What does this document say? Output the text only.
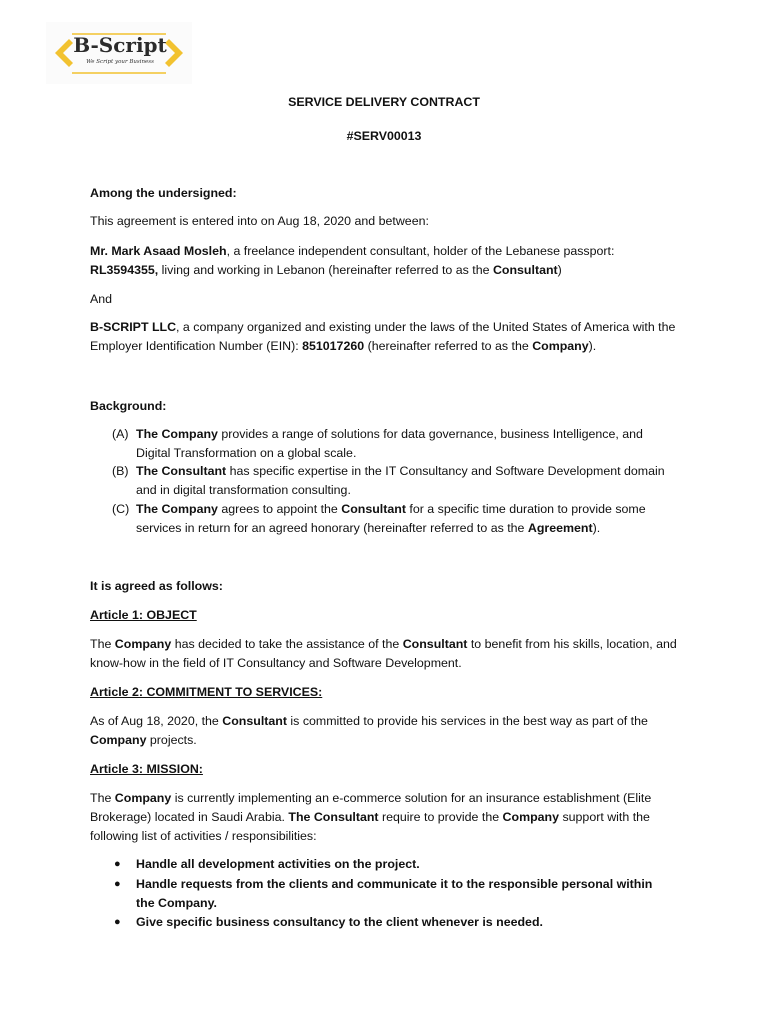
B-Script
We Script your Business
SERVICE DELIVERY CONTRACT
#SERV00013
Among the undersigned:
This agreement is entered into on Aug 18, 2020 and between:
Mr. Mark Asaad Mosleh, a freelance independent consultant, holder of the Lebanese passport: RL3594355, living and working in Lebanon (hereinafter referred to as the Consultant)
And
B-SCRIPT LLC, a company organized and existing under the laws of the United States of America with the Employer Identification Number (EIN): 851017260 (hereinafter referred to as the Company).
Background:
(A) The Company provides a range of solutions for data governance, business Intelligence, and Digital Transformation on a global scale.
(B) The Consultant has specific expertise in the IT Consultancy and Software Development domain and in digital transformation consulting.
(C) The Company agrees to appoint the Consultant for a specific time duration to provide some services in return for an agreed honorary (hereinafter referred to as the Agreement).
It is agreed as follows:
Article 1: OBJECT
The Company has decided to take the assistance of the Consultant to benefit from his skills, location, and know-how in the field of IT Consultancy and Software Development.
Article 2: COMMITMENT TO SERVICES:
As of Aug 18, 2020, the Consultant is committed to provide his services in the best way as part of the Company projects.
Article 3: MISSION:
The Company is currently implementing an e-commerce solution for an insurance establishment (Elite Brokerage) located in Saudi Arabia. The Consultant require to provide the Company support with the following list of activities / responsibilities:
● Handle all development activities on the project.
● Handle requests from the clients and communicate it to the responsible personal within the Company.
● Give specific business consultancy to the client whenever is needed.
